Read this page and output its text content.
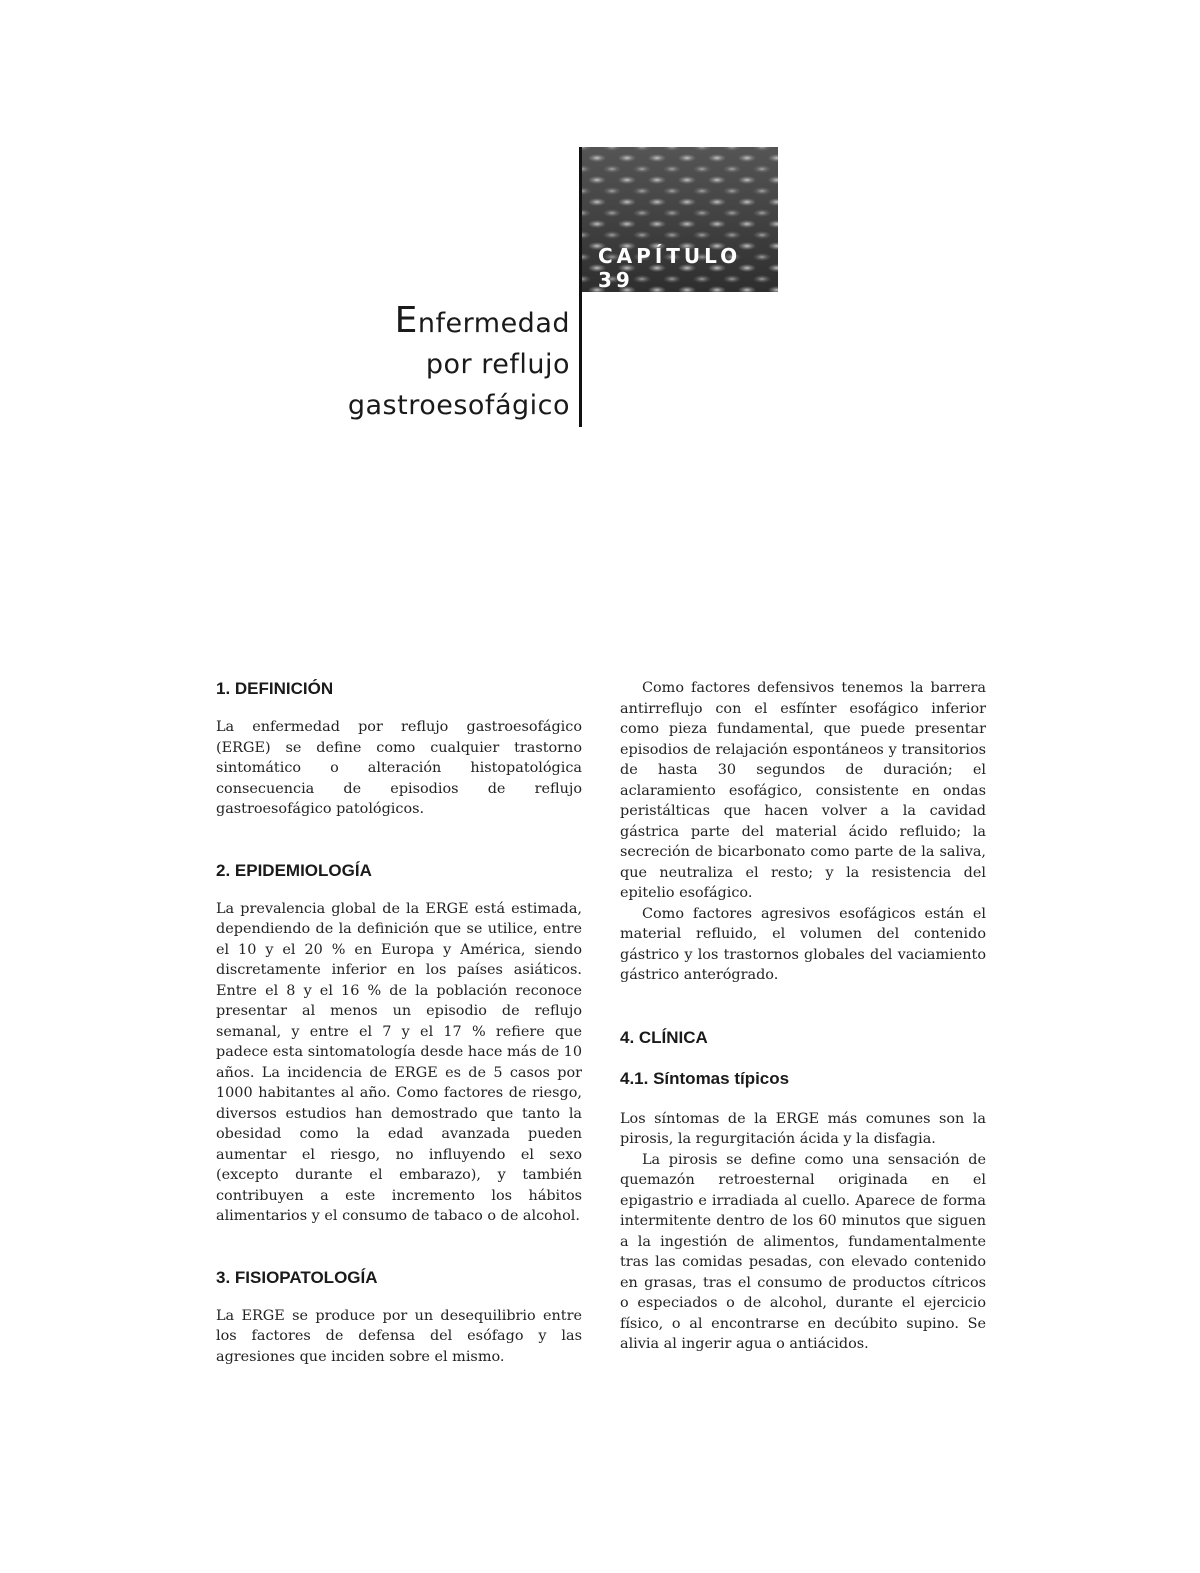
CAPÍTULO 39
Enfermedad
por reflujo
gastroesofágico
1. DEFINICIÓN

La enfermedad por reflujo gastroesofágico (ERGE) se define como cualquier trastorno sintomático o alteración histopatológica consecuencia de episodios de reflujo gastroesofágico patológicos.

2. EPIDEMIOLOGÍA

La prevalencia global de la ERGE está estimada, dependiendo de la definición que se utilice, entre el 10 y el 20 % en Europa y América, siendo discretamente inferior en los países asiáticos. Entre el 8 y el 16 % de la población reconoce presentar al menos un episodio de reflujo semanal, y entre el 7 y el 17 % refiere que padece esta sintomatología desde hace más de 10 años. La incidencia de ERGE es de 5 casos por 1000 habitantes al año. Como factores de riesgo, diversos estudios han demostrado que tanto la obesidad como la edad avanzada pueden aumentar el riesgo, no influyendo el sexo (excepto durante el embarazo), y también contribuyen a este incremento los hábitos alimentarios y el consumo de tabaco o de alcohol.

3. FISIOPATOLOGÍA

La ERGE se produce por un desequilibrio entre los factores de defensa del esófago y las agresiones que inciden sobre el mismo.

Como factores defensivos tenemos la barrera antirreflujo con el esfínter esofágico inferior como pieza fundamental, que puede presentar episodios de relajación espontáneos y transitorios de hasta 30 segundos de duración; el aclaramiento esofágico, consistente en ondas peristálticas que hacen volver a la cavidad gástrica parte del material ácido refluido; la secreción de bicarbonato como parte de la saliva, que neutraliza el resto; y la resistencia del epitelio esofágico.

Como factores agresivos esofágicos están el material refluido, el volumen del contenido gástrico y los trastornos globales del vaciamiento gástrico anterógrado.

4. CLÍNICA
4.1. Síntomas típicos

Los síntomas de la ERGE más comunes son la pirosis, la regurgitación ácida y la disfagia.

La pirosis se define como una sensación de quemazón retroesternal originada en el epigastrio e irradiada al cuello. Aparece de forma intermitente dentro de los 60 minutos que siguen a la ingestión de alimentos, fundamentalmente tras las comidas pesadas, con elevado contenido en grasas, tras el consumo de productos cítricos o especiados o de alcohol, durante el ejercicio físico, o al encontrarse en decúbito supino. Se alivia al ingerir agua o antiácidos.
